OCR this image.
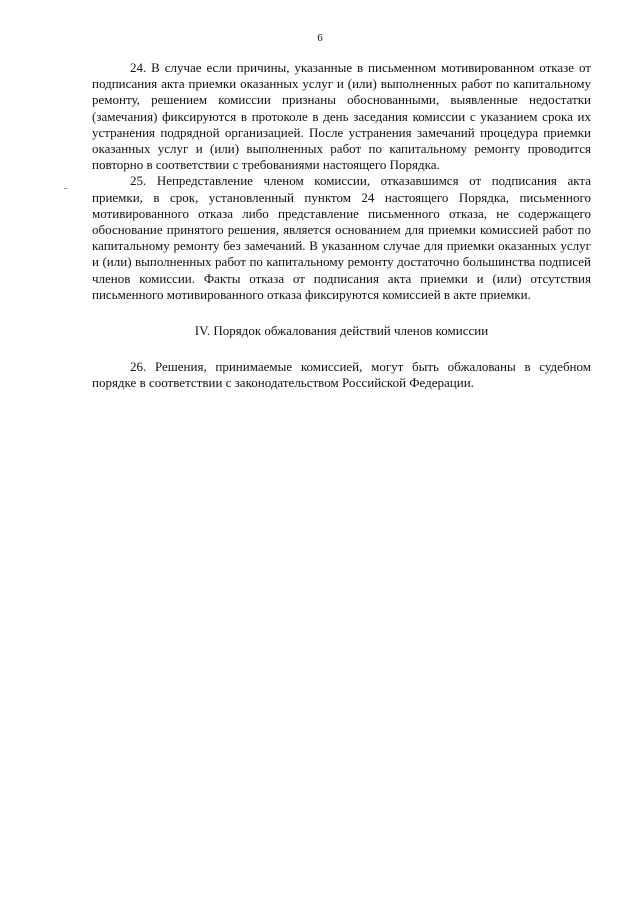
6

24. В случае если причины, указанные в письменном мотивированном отказе от подписания акта приемки оказанных услуг и (или) выполненных работ по капитальному ремонту, решением комиссии признаны обоснованными, выявленные недостатки (замечания) фиксируются в протоколе в день заседания комиссии с указанием срока их устранения подрядной организацией. После устранения замечаний процедура приемки оказанных услуг и (или) выполненных работ по капитальному ремонту проводится повторно в соответствии с требованиями настоящего Порядка.

25. Непредставление членом комиссии, отказавшимся от подписания акта приемки, в срок, установленный пунктом 24 настоящего Порядка, письменного мотивированного отказа либо представление письменного отказа, не содержащего обоснование принятого решения, является основанием для приемки комиссией работ по капитальному ремонту без замечаний. В указанном случае для приемки оказанных услуг и (или) выполненных работ по капитальному ремонту достаточно большинства подписей членов комиссии. Факты отказа от подписания акта приемки и (или) отсутствия письменного мотивированного отказа фиксируются комиссией в акте приемки.

IV. Порядок обжалования действий членов комиссии

26. Решения, принимаемые комиссией, могут быть обжалованы в судебном порядке в соответствии с законодательством Российской Федерации.
